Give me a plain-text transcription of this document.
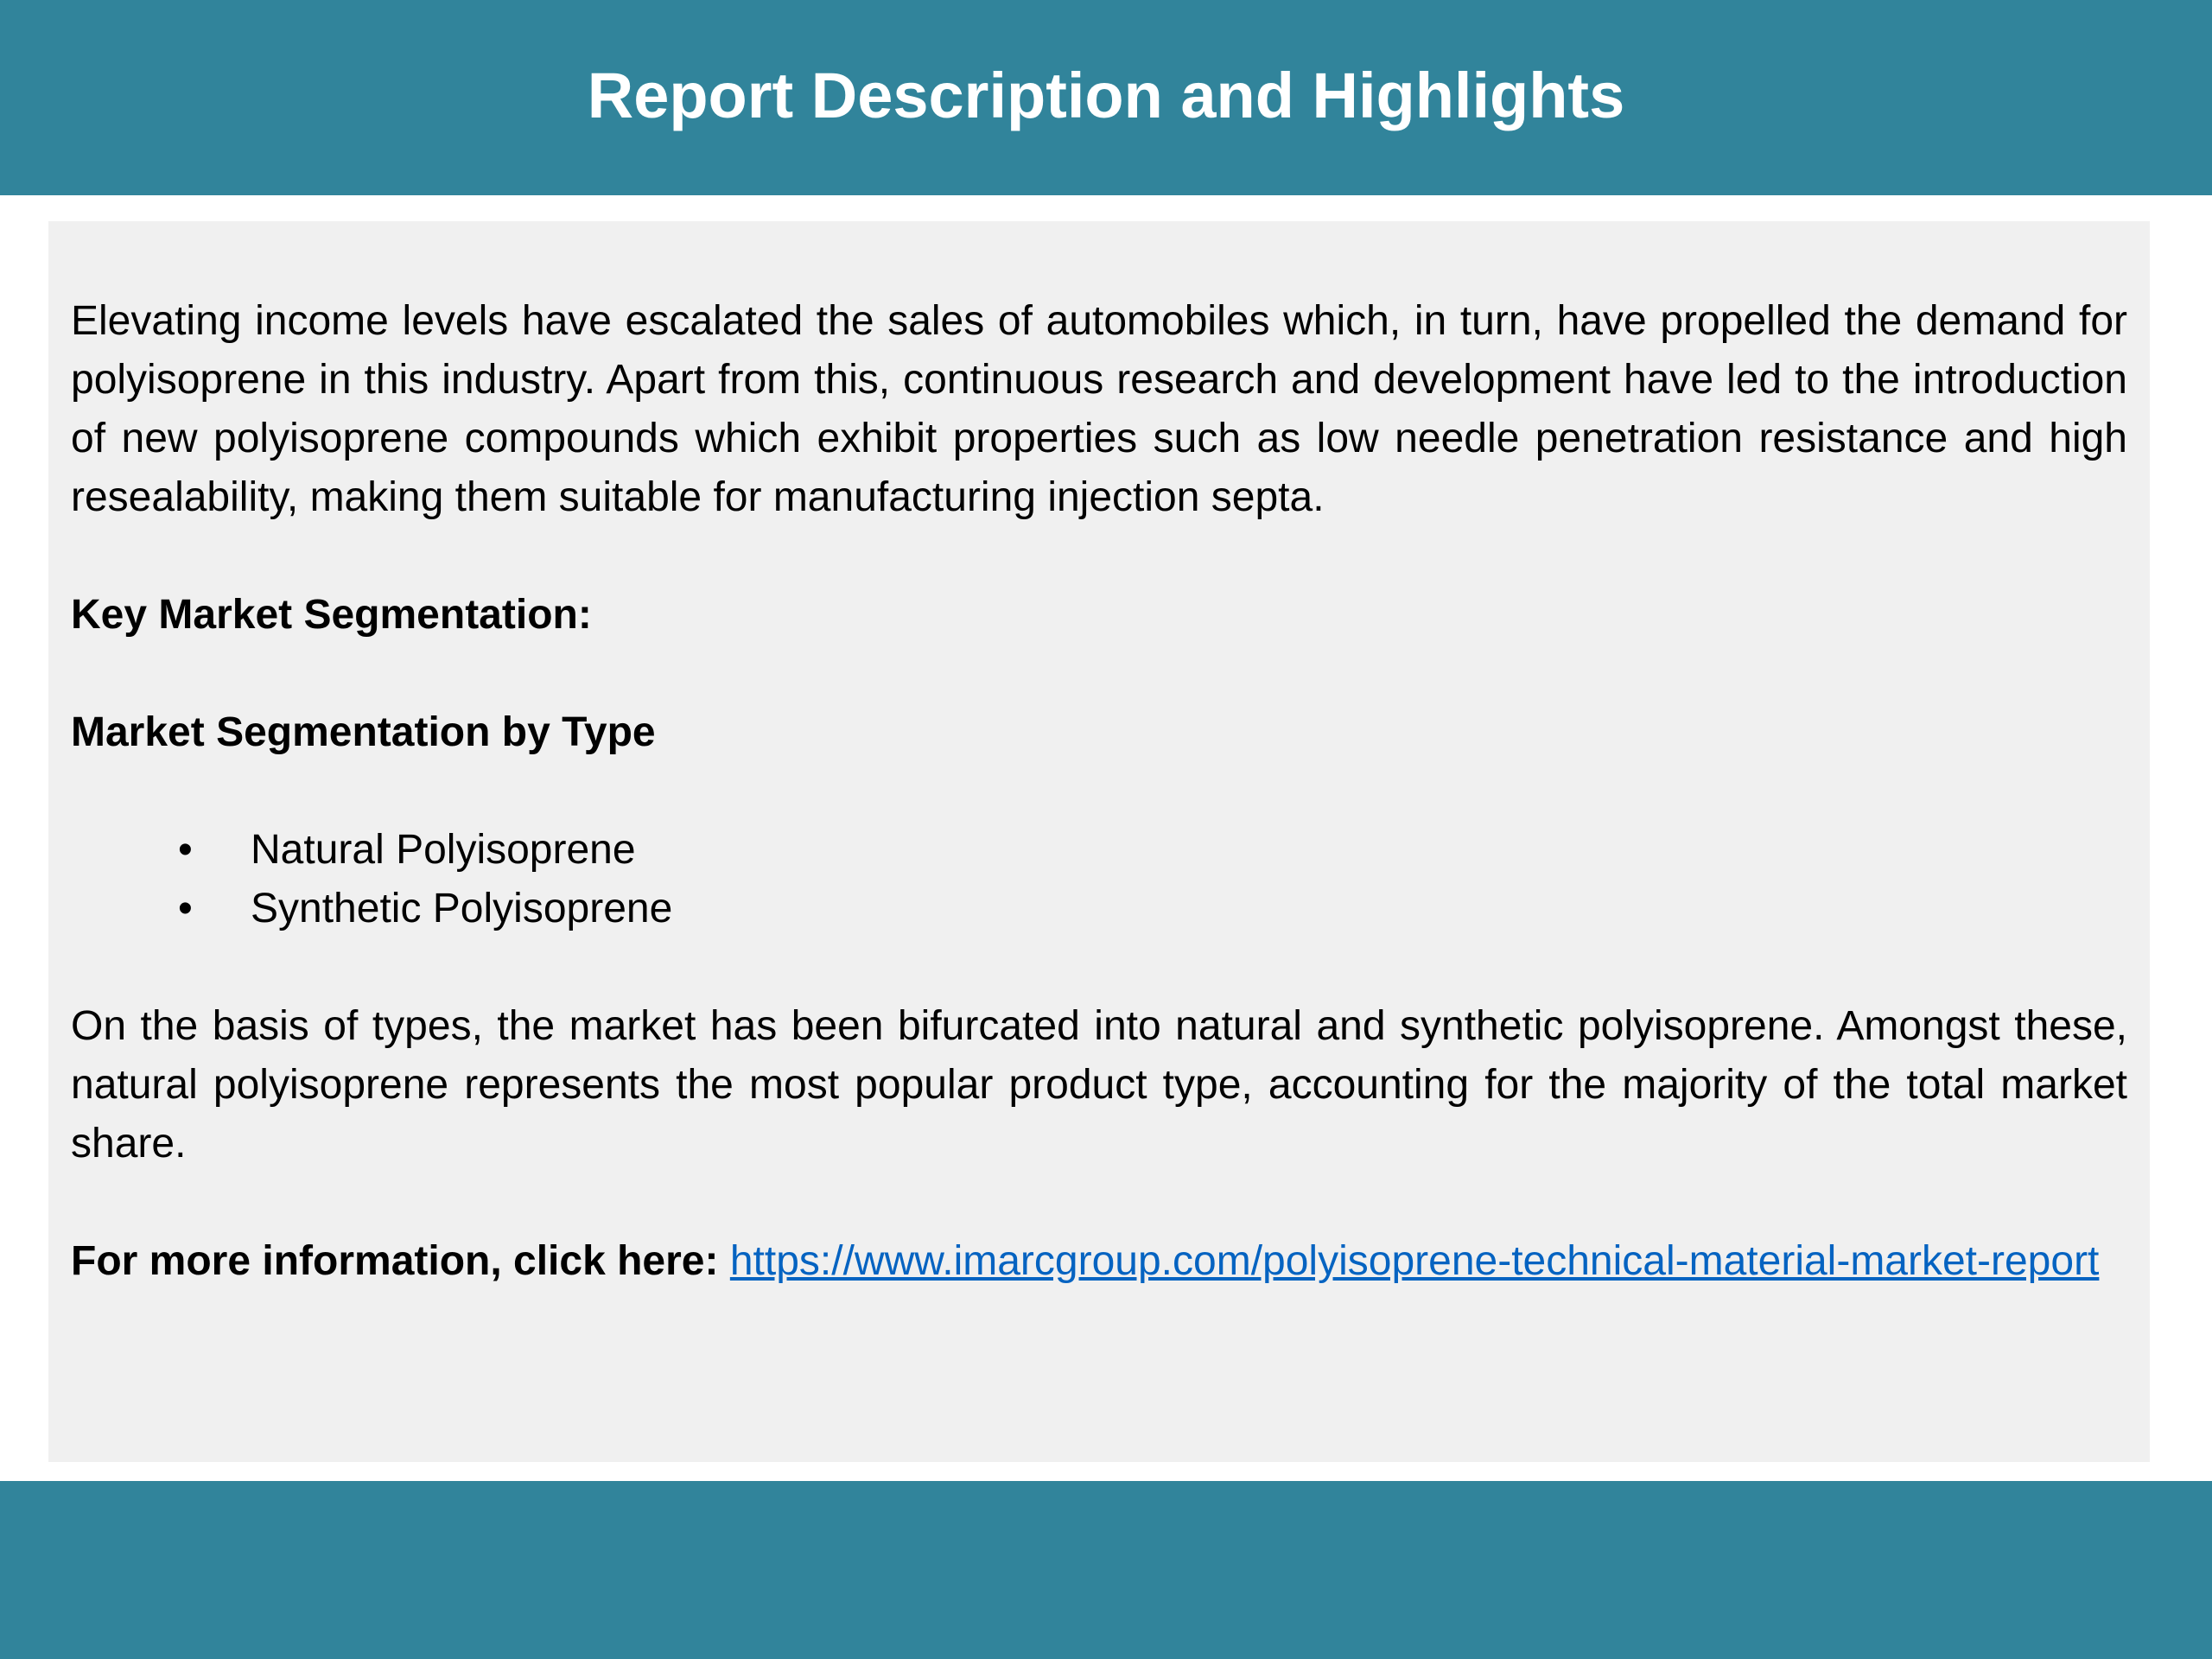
Report Description and Highlights

Elevating income levels have escalated the sales of automobiles which, in turn, have propelled the demand for polyisoprene in this industry. Apart from this, continuous research and development have led to the introduction of new polyisoprene compounds which exhibit properties such as low needle penetration resistance and high resealability, making them suitable for manufacturing injection septa.

Key Market Segmentation:

Market Segmentation by Type

• Natural Polyisoprene
• Synthetic Polyisoprene

On the basis of types, the market has been bifurcated into natural and synthetic polyisoprene. Amongst these, natural polyisoprene represents the most popular product type, accounting for the majority of the total market share.

For more information, click here: https://www.imarcgroup.com/polyisoprene-technical-material-market-report
